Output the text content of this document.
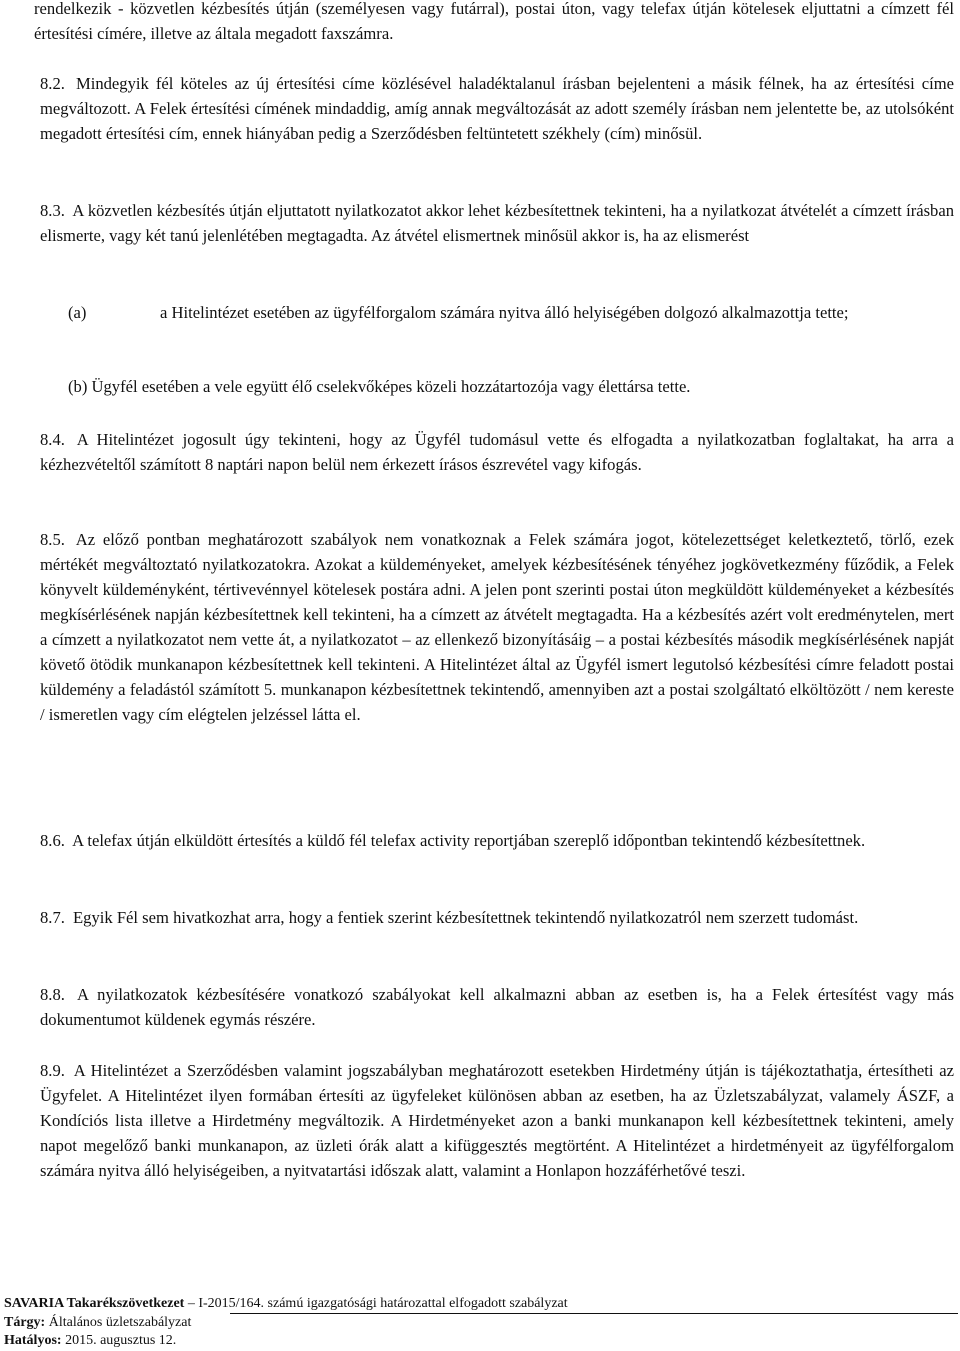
rendelkezik - közvetlen kézbesítés útján (személyesen vagy futárral), postai úton, vagy telefax útján kötelesek eljuttatni a címzett fél értesítési címére, illetve az általa megadott faxszámra.

8.2. Mindegyik fél köteles az új értesítési címe közlésével haladéktalanul írásban bejelenteni a másik félnek, ha az értesítési címe megváltozott. A Felek értesítési címének mindaddig, amíg annak megváltozását az adott személy írásban nem jelentette be, az utolsóként megadott értesítési cím, ennek hiányában pedig a Szerződésben feltüntetett székhely (cím) minősül.

8.3. A közvetlen kézbesítés útján eljuttatott nyilatkozatot akkor lehet kézbesítettnek tekinteni, ha a nyilatkozat átvételét a címzett írásban elismerte, vagy két tanú jelenlétében megtagadta. Az átvétel elismertnek minősül akkor is, ha az elismerést

(a)	a Hitelintézet esetében az ügyfélforgalom számára nyitva álló helyiségében dolgozó alkalmazottja tette;

(b) Ügyfél esetében a vele együtt élő cselekvőképes közeli hozzátartozója vagy élettársa tette.

8.4. A Hitelintézet jogosult úgy tekinteni, hogy az Ügyfél tudomásul vette és elfogadta a nyilatkozatban foglaltakat, ha arra a kézhezvételtől számított 8 naptári napon belül nem érkezett írásos észrevétel vagy kifogás.

8.5. Az előző pontban meghatározott szabályok nem vonatkoznak a Felek számára jogot, kötelezettséget keletkeztető, törlő, ezek mértékét megváltoztató nyilatkozatokra. Azokat a küldeményeket, amelyek kézbesítésének tényéhez jogkövetkezmény fűződik, a Felek könyvelt küldeményként, tértivevénnyel kötelesek postára adni. A jelen pont szerinti postai úton megküldött küldeményeket a kézbesítés megkísérlésének napján kézbesítettnek kell tekinteni, ha a címzett az átvételt megtagadta. Ha a kézbesítés azért volt eredménytelen, mert a címzett a nyilatkozatot nem vette át, a nyilatkozatot – az ellenkező bizonyításáig – a postai kézbesítés második megkísérlésének napját követő ötödik munkanapon kézbesítettnek kell tekinteni. A Hitelintézet által az Ügyfél ismert legutolsó kézbesítési címre feladott postai küldemény a feladástól számított 5. munkanapon kézbesítettnek tekintendő, amennyiben azt a postai szolgáltató elköltözött / nem kereste / ismeretlen vagy cím elégtelen jelzéssel látta el.

8.6. A telefax útján elküldött értesítés a küldő fél telefax activity reportjában szereplő időpontban tekintendő kézbesítettnek.

8.7. Egyik Fél sem hivatkozhat arra, hogy a fentiek szerint kézbesítettnek tekintendő nyilatkozatról nem szerzett tudomást.

8.8. A nyilatkozatok kézbesítésére vonatkozó szabályokat kell alkalmazni abban az esetben is, ha a Felek értesítést vagy más dokumentumot küldenek egymás részére.

8.9. A Hitelintézet a Szerződésben valamint jogszabályban meghatározott esetekben Hirdetmény útján is tájékoztathatja, értesítheti az Ügyfelet. A Hitelintézet ilyen formában értesíti az ügyfeleket különösen abban az esetben, ha az Üzletszabályzat, valamely ÁSZF, a Kondíciós lista illetve a Hirdetmény megváltozik. A Hirdetményeket azon a banki munkanapon kell kézbesítettnek tekinteni, amely napot megelőző banki munkanapon, az üzleti órák alatt a kifüggesztés megtörtént. A Hitelintézet a hirdetményeit az ügyfélforgalom számára nyitva álló helyiségeiben, a nyitvatartási időszak alatt, valamint a Honlapon hozzáférhetővé teszi.

SAVARIA Takarékszövetkezet – I-2015/164. számú igazgatósági határozattal elfogadott szabályzat

Tárgy: Általános üzletszabályzat

Hatályos: 2015. augusztus 12.
